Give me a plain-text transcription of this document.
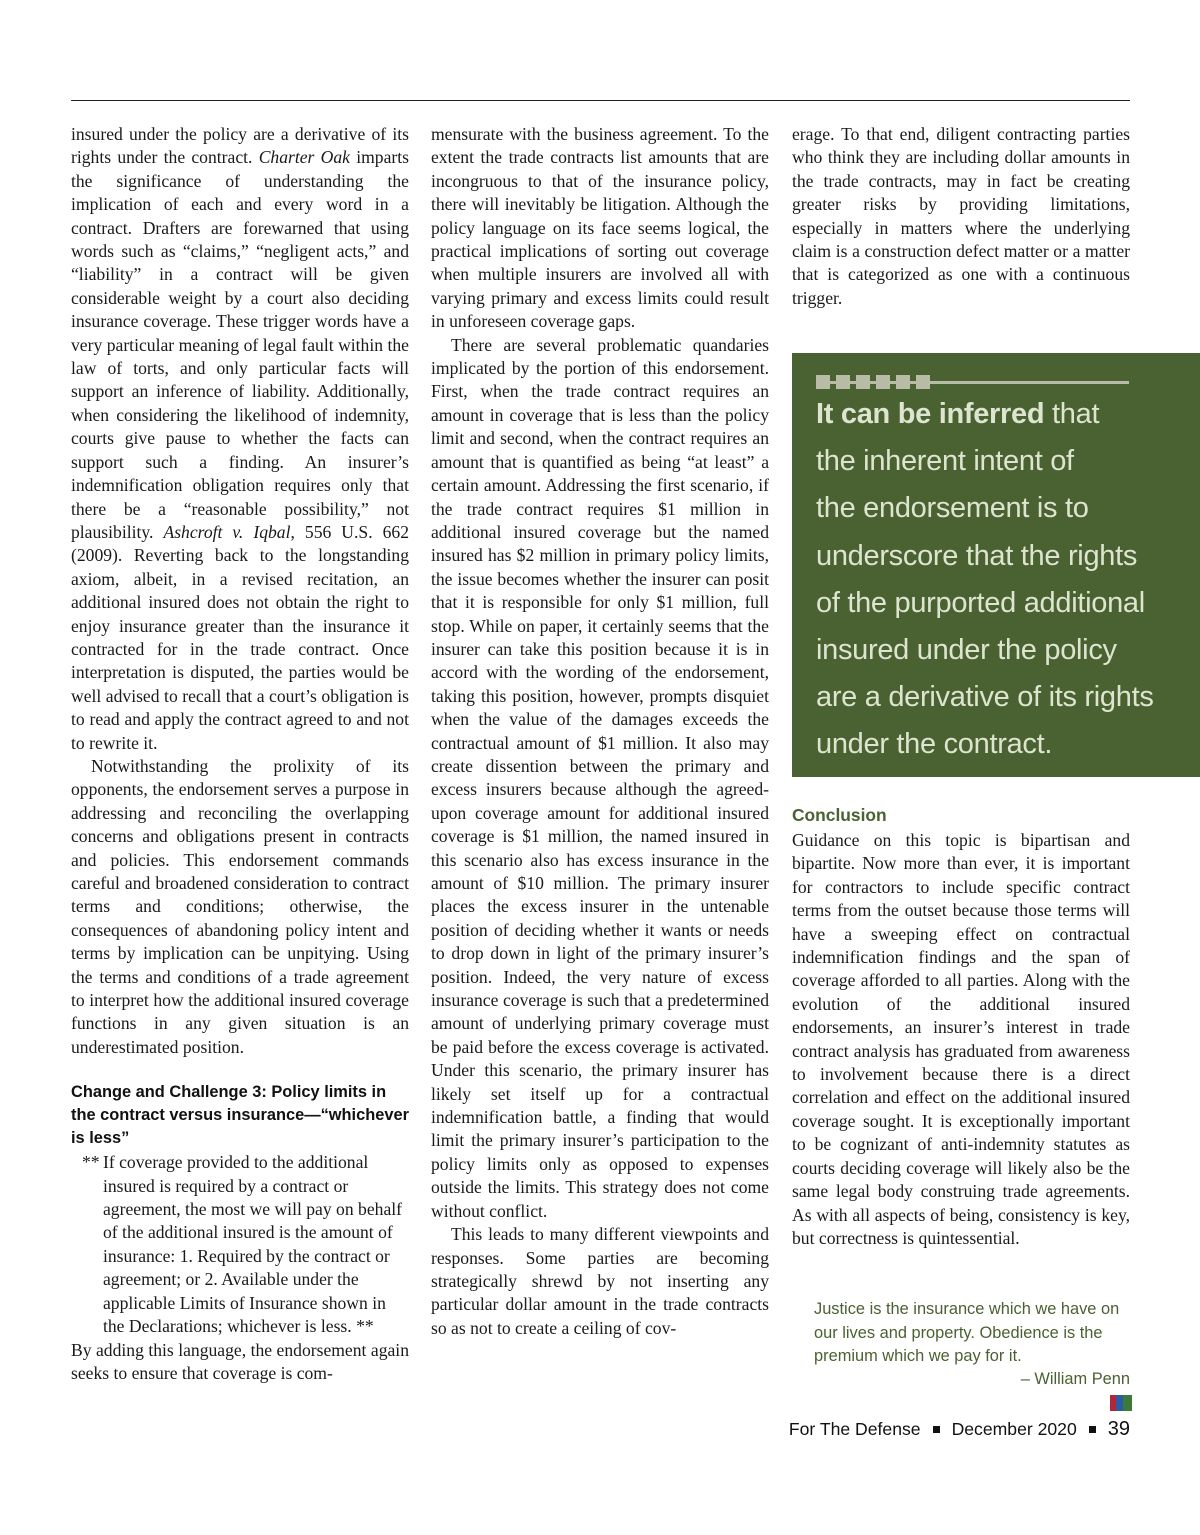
insured under the policy are a derivative of its rights under the contract. Charter Oak imparts the significance of understanding the implication of each and every word in a contract. Drafters are forewarned that using words such as “claims,” “negligent acts,” and “liability” in a contract will be given considerable weight by a court also deciding insurance coverage. These trigger words have a very particular meaning of legal fault within the law of torts, and only particular facts will support an inference of liability. Additionally, when considering the likelihood of indemnity, courts give pause to whether the facts can support such a finding. An insurer’s indemnification obligation requires only that there be a “reasonable possibility,” not plausibility. Ashcroft v. Iqbal, 556 U.S. 662 (2009). Reverting back to the longstanding axiom, albeit, in a revised recitation, an additional insured does not obtain the right to enjoy insurance greater than the insurance it contracted for in the trade contract. Once interpretation is disputed, the parties would be well advised to recall that a court’s obligation is to read and apply the contract agreed to and not to rewrite it.

Notwithstanding the prolixity of its opponents, the endorsement serves a purpose in addressing and reconciling the overlapping concerns and obligations present in contracts and policies. This endorsement commands careful and broadened consideration to contract terms and conditions; otherwise, the consequences of abandoning policy intent and terms by implication can be unpitying. Using the terms and conditions of a trade agreement to interpret how the additional insured coverage functions in any given situation is an underestimated position.

Change and Challenge 3: Policy limits in the contract versus insurance—“whichever is less”

** If coverage provided to the additional insured is required by a contract or agreement, the most we will pay on behalf of the additional insured is the amount of insurance: 1. Required by the contract or agreement; or 2. Available under the applicable Limits of Insurance shown in the Declarations; whichever is less. **

By adding this language, the endorsement again seeks to ensure that coverage is com-

mensurate with the business agreement. To the extent the trade contracts list amounts that are incongruous to that of the insurance policy, there will inevitably be litigation. Although the policy language on its face seems logical, the practical implications of sorting out coverage when multiple insurers are involved all with varying primary and excess limits could result in unforeseen coverage gaps.

There are several problematic quandaries implicated by the portion of this endorsement. First, when the trade contract requires an amount in coverage that is less than the policy limit and second, when the contract requires an amount that is quantified as being “at least” a certain amount. Addressing the first scenario, if the trade contract requires $1 million in additional insured coverage but the named insured has $2 million in primary policy limits, the issue becomes whether the insurer can posit that it is responsible for only $1 million, full stop. While on paper, it certainly seems that the insurer can take this position because it is in accord with the wording of the endorsement, taking this position, however, prompts disquiet when the value of the damages exceeds the contractual amount of $1 million. It also may create dissention between the primary and excess insurers because although the agreed-upon coverage amount for additional insured coverage is $1 million, the named insured in this scenario also has excess insurance in the amount of $10 million. The primary insurer places the excess insurer in the untenable position of deciding whether it wants or needs to drop down in light of the primary insurer’s position. Indeed, the very nature of excess insurance coverage is such that a predetermined amount of underlying primary coverage must be paid before the excess coverage is activated. Under this scenario, the primary insurer has likely set itself up for a contractual indemnification battle, a finding that would limit the primary insurer’s participation to the policy limits only as opposed to expenses outside the limits. This strategy does not come without conflict.

This leads to many different viewpoints and responses. Some parties are becoming strategically shrewd by not inserting any particular dollar amount in the trade contracts so as not to create a ceiling of cov-

erage. To that end, diligent contracting parties who think they are including dollar amounts in the trade contracts, may in fact be creating greater risks by providing limitations, especially in matters where the underlying claim is a construction defect matter or a matter that is categorized as one with a continuous trigger.

It can be inferred that
the inherent intent of
the endorsement is to
underscore that the rights
of the purported additional
insured under the policy
are a derivative of its rights
under the contract.
Conclusion

Guidance on this topic is bipartisan and bipartite. Now more than ever, it is important for contractors to include specific contract terms from the outset because those terms will have a sweeping effect on contractual indemnification findings and the span of coverage afforded to all parties. Along with the evolution of the additional insured endorsements, an insurer’s interest in trade contract analysis has graduated from awareness to involvement because there is a direct correlation and effect on the additional insured coverage sought. It is exceptionally important to be cognizant of anti-indemnity statutes as courts deciding coverage will likely also be the same legal body construing trade agreements. As with all aspects of being, consistency is key, but correctness is quintessential.

Justice is the insurance which we have on our lives and property. Obedience is the premium which we pay for it.
– William Penn
For The Defense December 2020 39
